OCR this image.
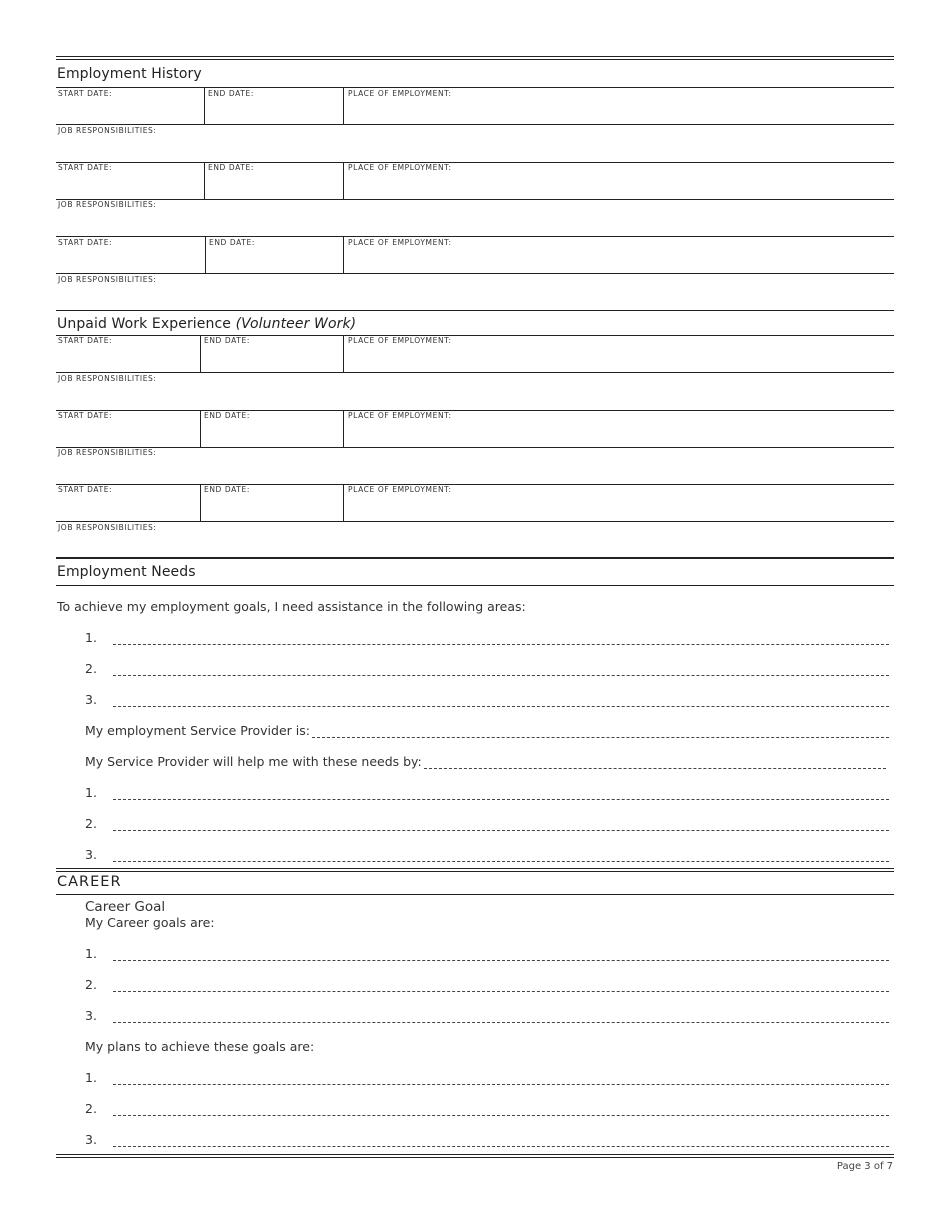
Employment History
START DATE:	END DATE:	PLACE OF EMPLOYMENT:
JOB RESPONSIBILITIES:
START DATE:	END DATE:	PLACE OF EMPLOYMENT:
JOB RESPONSIBILITIES:
START DATE:	END DATE:	PLACE OF EMPLOYMENT:
JOB RESPONSIBILITIES:
Unpaid Work Experience (Volunteer Work)
START DATE:	END DATE:	PLACE OF EMPLOYMENT:
JOB RESPONSIBILITIES:
START DATE:	END DATE:	PLACE OF EMPLOYMENT:
JOB RESPONSIBILITIES:
START DATE:	END DATE:	PLACE OF EMPLOYMENT:
JOB RESPONSIBILITIES:
Employment Needs
To achieve my employment goals, I need assistance in the following areas:
1.
2.
3.
My employment Service Provider is:
My Service Provider will help me with these needs by:
1.
2.
3.
CAREER
Career Goal
My Career goals are:
1.
2.
3.
My plans to achieve these goals are:
1.
2.
3.
Page 3 of 7
